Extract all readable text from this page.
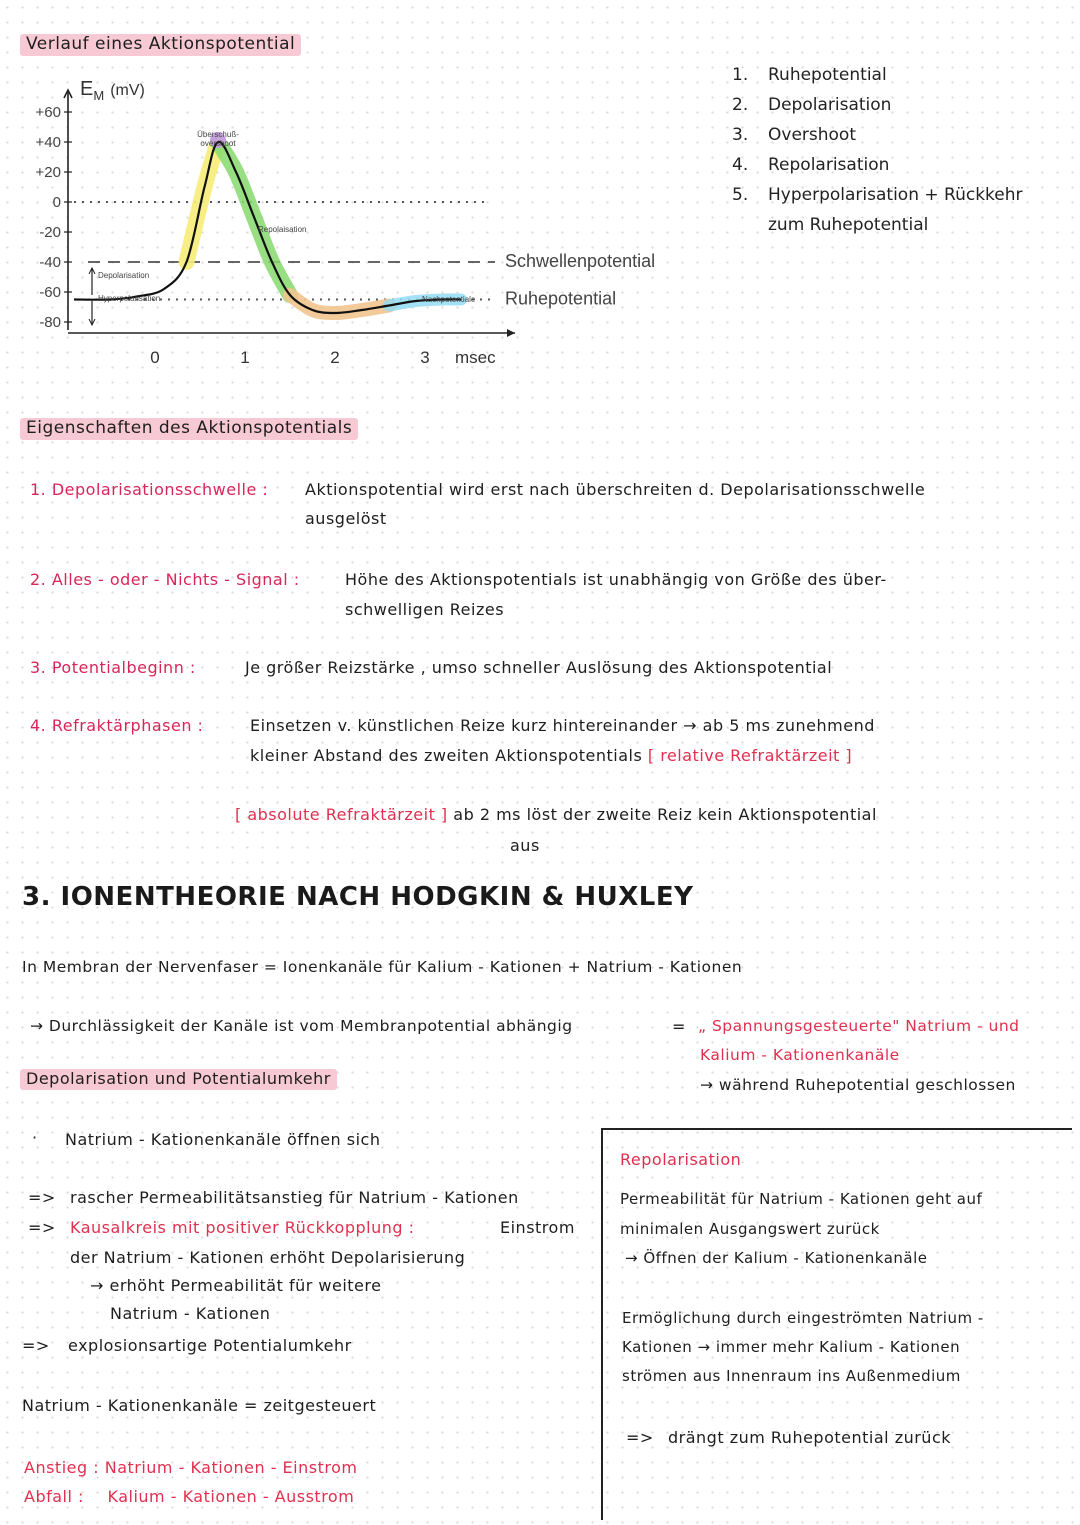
Verlauf eines Aktionspotential
$E_M$ $^{(mV)}$
+60
+40
+20
0
-20
-40
-60
-80
Schwellenpotential
Ruhepotential
0	1	2	3 msec
Überschuß-
overshoot
Repolaisation
Depolarisation
Hyperpolarisation	Nachpotentiale
1. Ruhepotential
2. Depolarisation
3. Overshoot
4. Repolarisation
5. Hyperpolarisation + Rückkehr
zum Ruhepotential
Eigenschaften des Aktionspotentials
1. Depolarisationsschwelle : Aktionspotential wird erst nach überschreiten d. Depolarisationsschwelle
ausgelöst
2. Alles - oder - Nichts - Signal :	Höhe des Aktionspotentials ist unabhängig von Größe des über-
schwelligen Reizes
3. Potentialbeginn :	Je größer Reizstärke , umso schneller Auslösung des Aktionspotential
4. Refraktärphasen :	Einsetzen v. künstlichen Reize kurz hintereinander → ab 5 ms zunehmend
kleiner Abstand des zweiten Aktionspotentials [ relative Refraktärzeit ]
[ absolute Refraktärzeit ] ab 2 ms löst der zweite Reiz kein Aktionspotential
aus
3. IONENTHEORIE NACH HODGKIN & HUXLEY
In Membran der Nervenfaser = Ionenkanäle für Kalium - Kationen + Natrium - Kationen
→ Durchlässigkeit der Kanäle ist vom Membranpotential abhängig	= „ Spannungsgesteuerte" Natrium - und
Kalium - Kationenkanäle
→ während Ruhepotential geschlossen
Depolarisation und Potentialumkehr
· Natrium - Kationenkanäle öffnen sich
=> rascher Permeabilitätsanstieg für Natrium - Kationen
=> Kausalkreis mit positiver Rückkopplung :	Einstrom
der Natrium - Kationen erhöht Depolarisierung
→ erhöht Permeabilität für weitere
Natrium - Kationen
=> explosionsartige Potentialumkehr
Natrium - Kationenkanäle = zeitgesteuert
Anstieg : Natrium - Kationen - Einstrom
Abfall : Kalium - Kationen - Ausstrom
Repolarisation
Permeabilität für Natrium - Kationen geht auf
minimalen Ausgangswert zurück
→ Öffnen der Kalium - Kationenkanäle
Ermöglichung durch eingeströmten Natrium -
Kationen → immer mehr Kalium - Kationen
strömen aus Innenraum ins Außenmedium
=> drängt zum Ruhepotential zurück
